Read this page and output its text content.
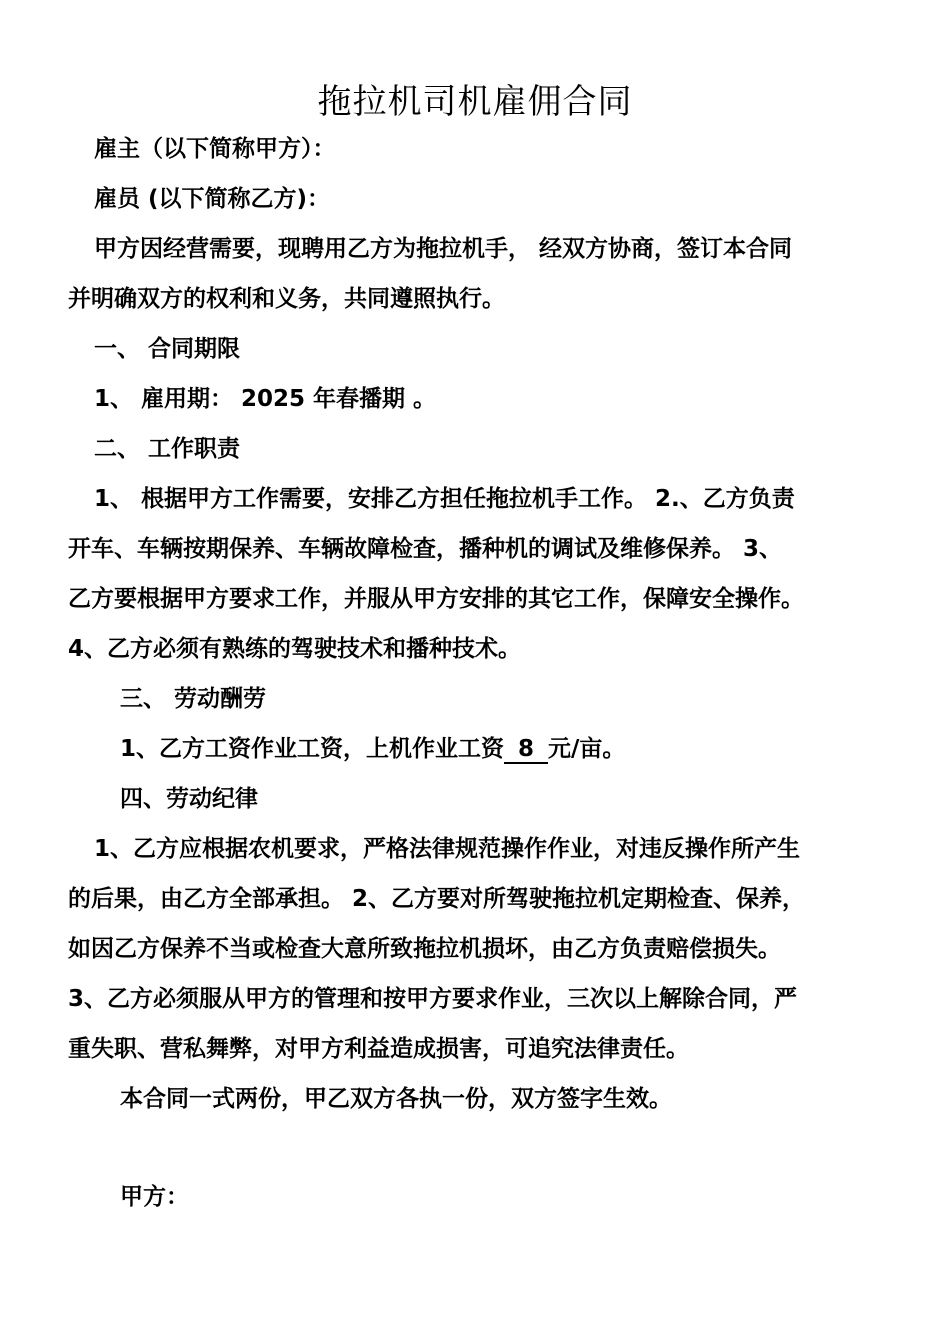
拖拉机司机雇佣合同
雇主（以下简称甲方）：
雇员 (以下简称乙方)：
甲方因经营需要，现聘用乙方为拖拉机手， 经双方协商，签订本合同
并明确双方的权利和义务，共同遵照执行。
一、 合同期限
1、 雇用期： 2025 年春播期 。
二、 工作职责
1、 根据甲方工作需要，安排乙方担任拖拉机手工作。 2.、乙方负责
开车、车辆按期保养、车辆故障检查，播种机的调试及维修保养。 3、
乙方要根据甲方要求工作，并服从甲方安排的其它工作，保障安全操作。
4、乙方必须有熟练的驾驶技术和播种技术。
三、 劳动酬劳
1、乙方工资作业工资，上机作业工资 8 元/亩。
四、劳动纪律
1、乙方应根据农机要求，严格法律规范操作作业，对违反操作所产生
的后果，由乙方全部承担。 2、乙方要对所驾驶拖拉机定期检查、保养，
如因乙方保养不当或检查大意所致拖拉机损坏，由乙方负责赔偿损失。
3、乙方必须服从甲方的管理和按甲方要求作业，三次以上解除合同，严
重失职、营私舞弊，对甲方利益造成损害，可追究法律责任。
本合同一式两份，甲乙双方各执一份，双方签字生效。
甲方：
